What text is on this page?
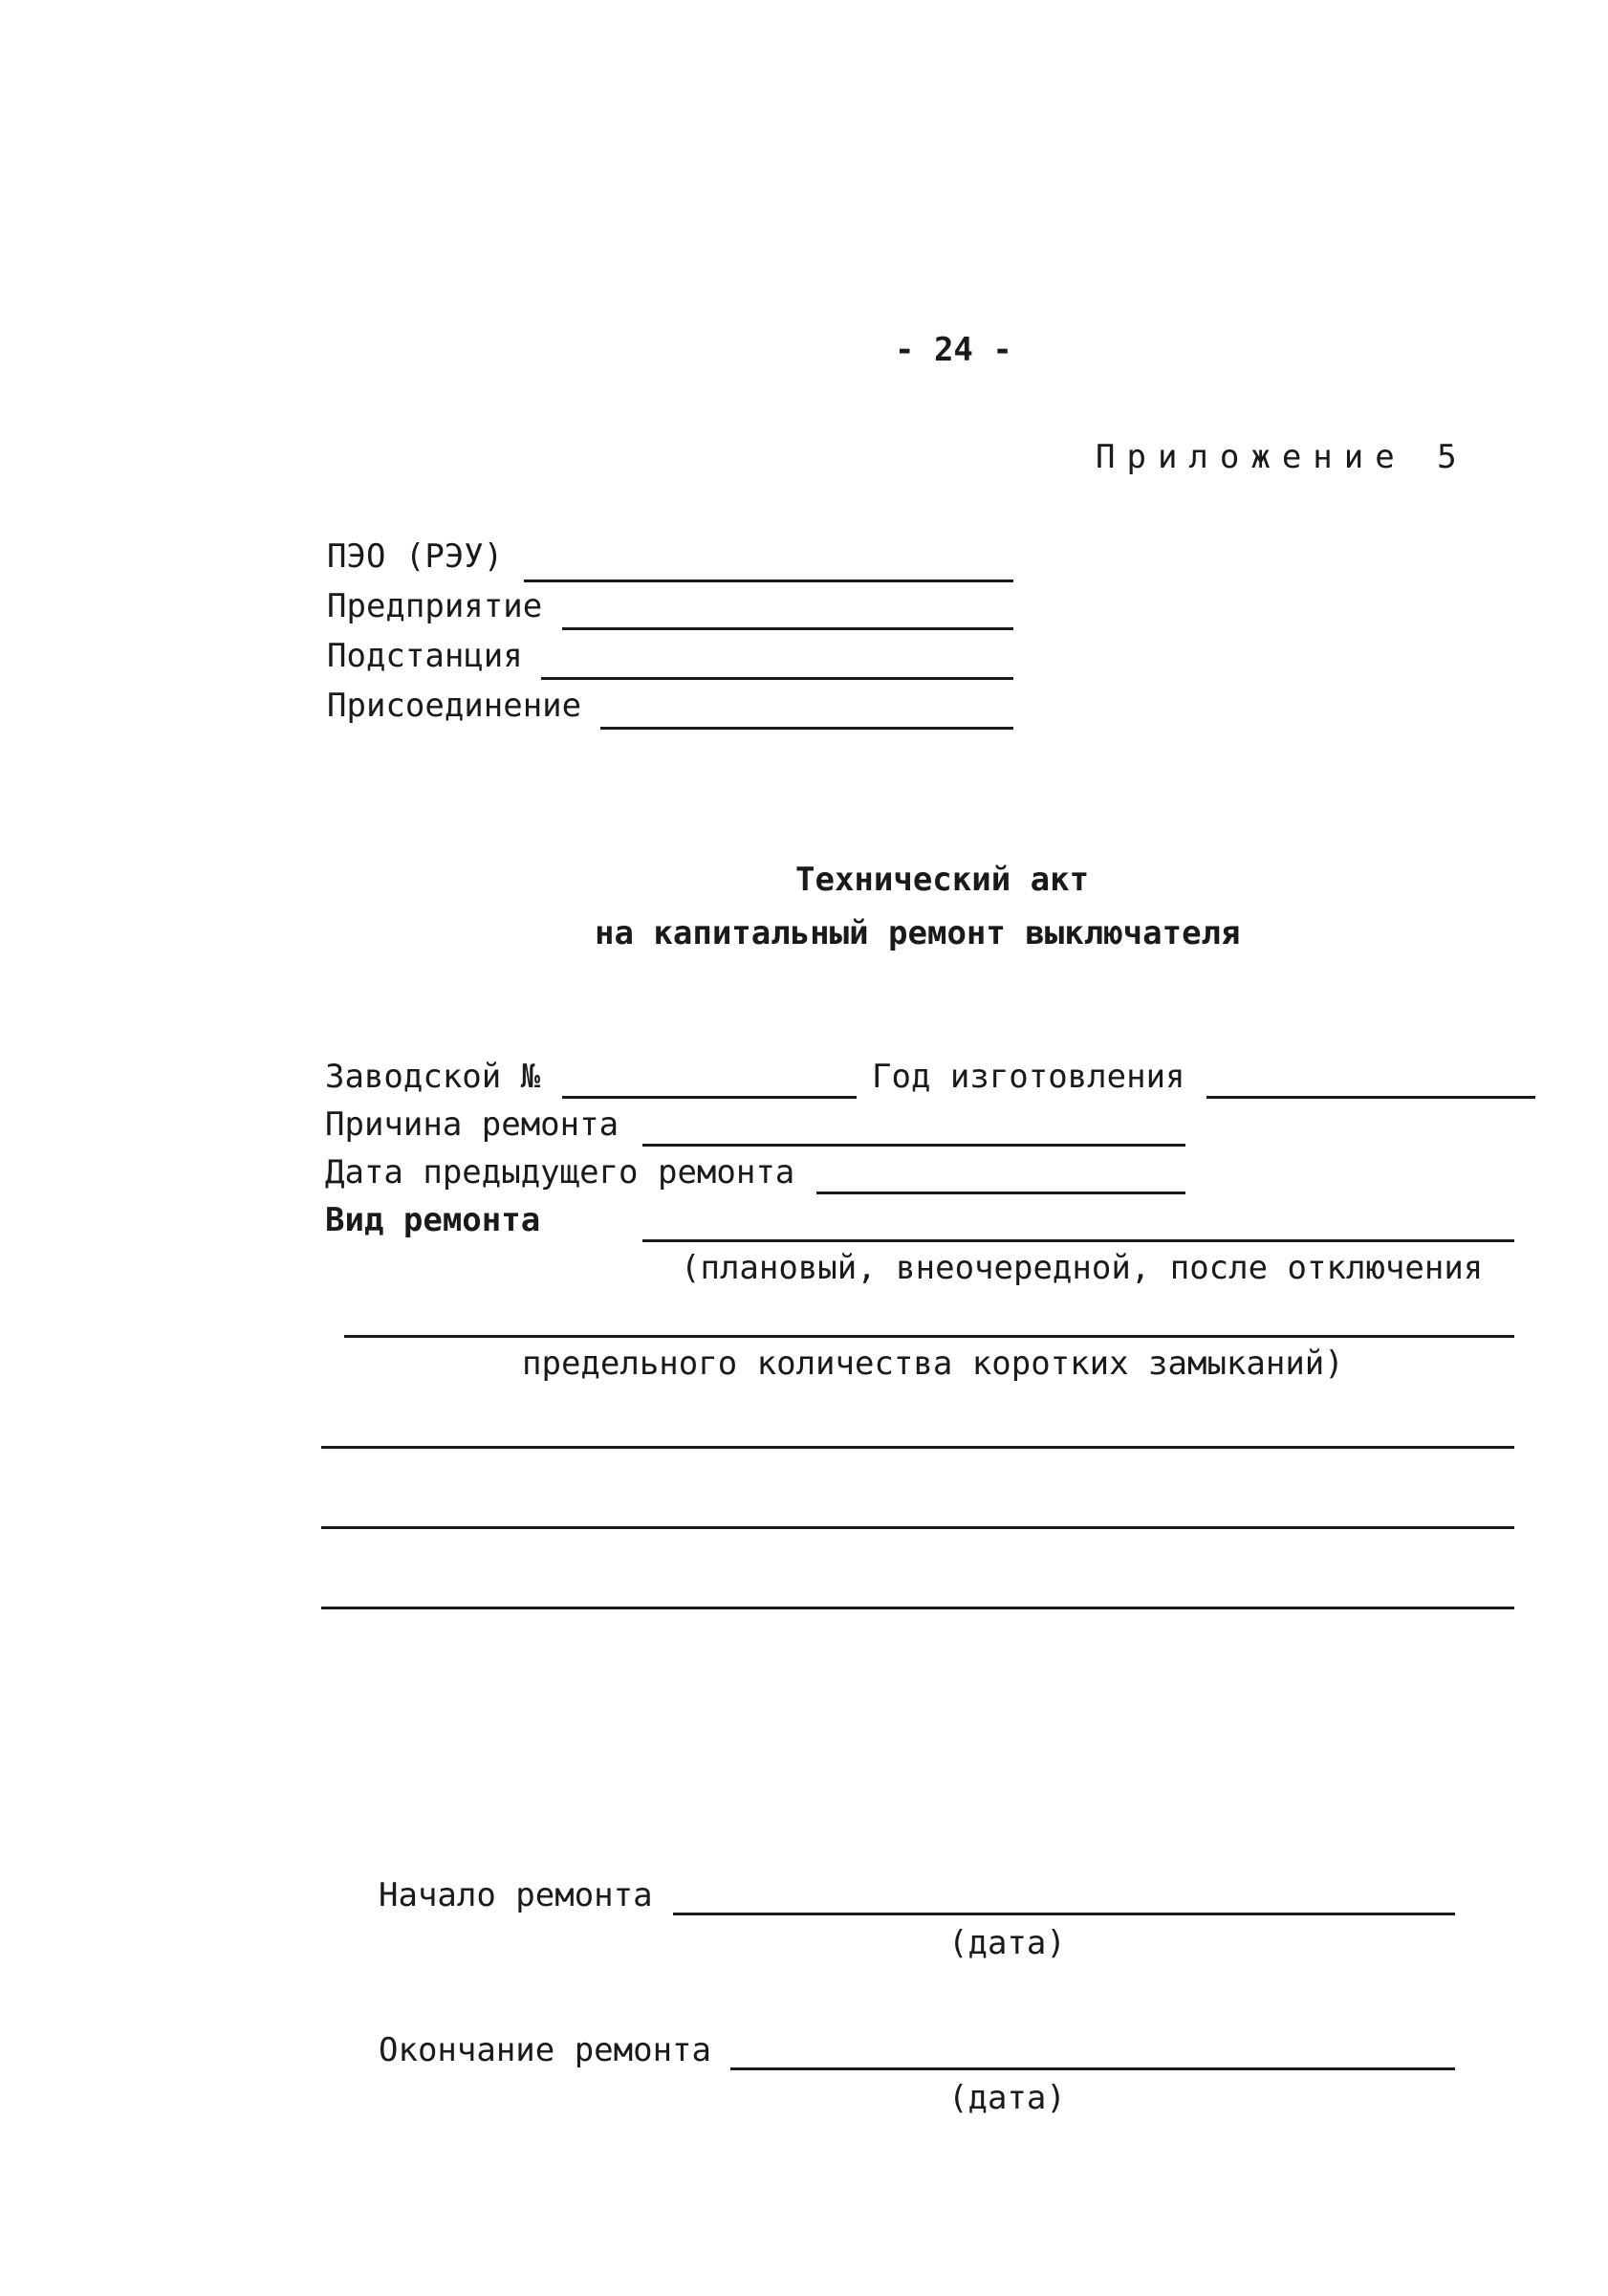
- 24 -
Приложение 5
ПЭО (РЭУ)
Предприятие
Подстанция
Присоединение
Технический акт
на капитальный ремонт выключателя
Заводской №	Год изготовления
Причина ремонта
Дата предыдущего ремонта
Вид ремонта
(плановый, внеочередной, после отключения
предельного количества коротких замыканий)
Начало ремонта
(дата)
Окончание ремонта
(дата)
